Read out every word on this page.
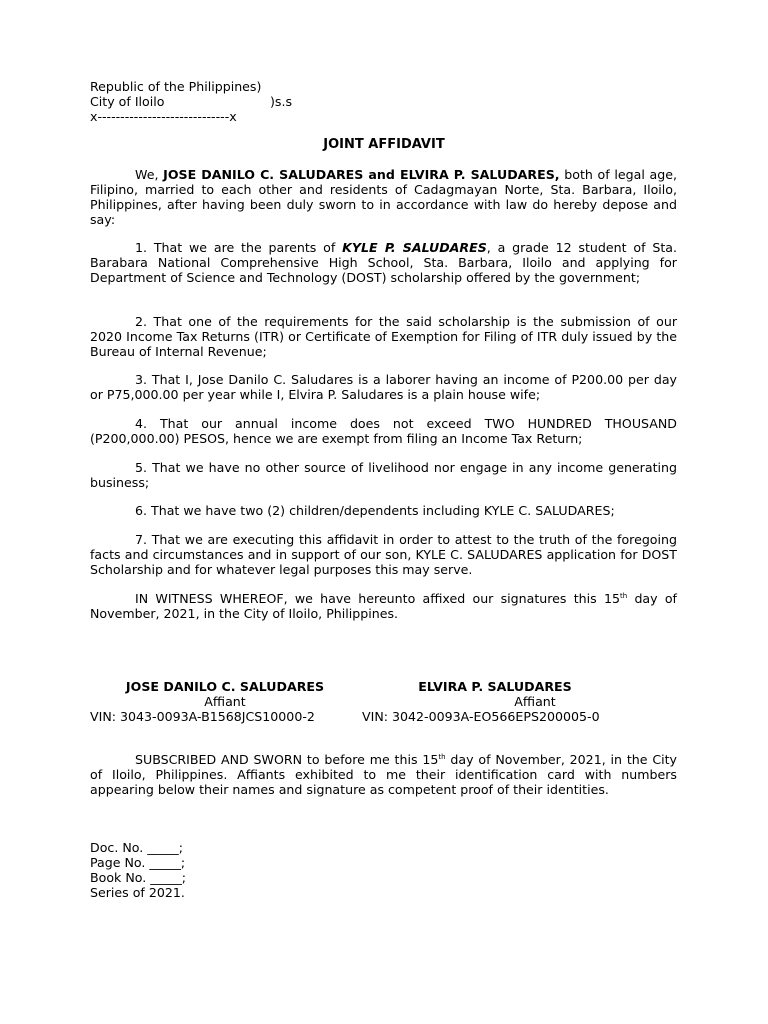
Republic of the Philippines)
City of Iloilo	)s.s
x-----------------------------x
JOINT AFFIDAVIT
We, JOSE DANILO C. SALUDARES and ELVIRA P. SALUDARES, both of legal age, Filipino, married to each other and residents of Cadagmayan Norte, Sta. Barbara, Iloilo, Philippines, after having been duly sworn to in accordance with law do hereby depose and say:
1. That we are the parents of KYLE P. SALUDARES, a grade 12 student of Sta. Barabara National Comprehensive High School, Sta. Barbara, Iloilo and applying for Department of Science and Technology (DOST) scholarship offered by the government;
2. That one of the requirements for the said scholarship is the submission of our 2020 Income Tax Returns (ITR) or Certificate of Exemption for Filing of ITR duly issued by the Bureau of Internal Revenue;
3. That I, Jose Danilo C. Saludares is a laborer having an income of P200.00 per day or P75,000.00 per year while I, Elvira P. Saludares is a plain house wife;
4. That our annual income does not exceed TWO HUNDRED THOUSAND (P200,000.00) PESOS, hence we are exempt from filing an Income Tax Return;
5. That we have no other source of livelihood nor engage in any income generating business;
6. That we have two (2) children/dependents including KYLE C. SALUDARES;
7. That we are executing this affidavit in order to attest to the truth of the foregoing facts and circumstances and in support of our son, KYLE C. SALUDARES application for DOST Scholarship and for whatever legal purposes this may serve.
IN WITNESS WHEREOF, we have hereunto affixed our signatures this 15th day of November, 2021, in the City of Iloilo, Philippines.
JOSE DANILO C. SALUDARES
Affiant
VIN: 3043-0093A-B1568JCS10000-2
ELVIRA P. SALUDARES
Affiant
VIN: 3042-0093A-EO566EPS200005-0
SUBSCRIBED AND SWORN to before me this 15th day of November, 2021, in the City of Iloilo, Philippines. Affiants exhibited to me their identification card with numbers appearing below their names and signature as competent proof of their identities.
Doc. No. _____;
Page No. _____;
Book No. _____;
Series of 2021.
